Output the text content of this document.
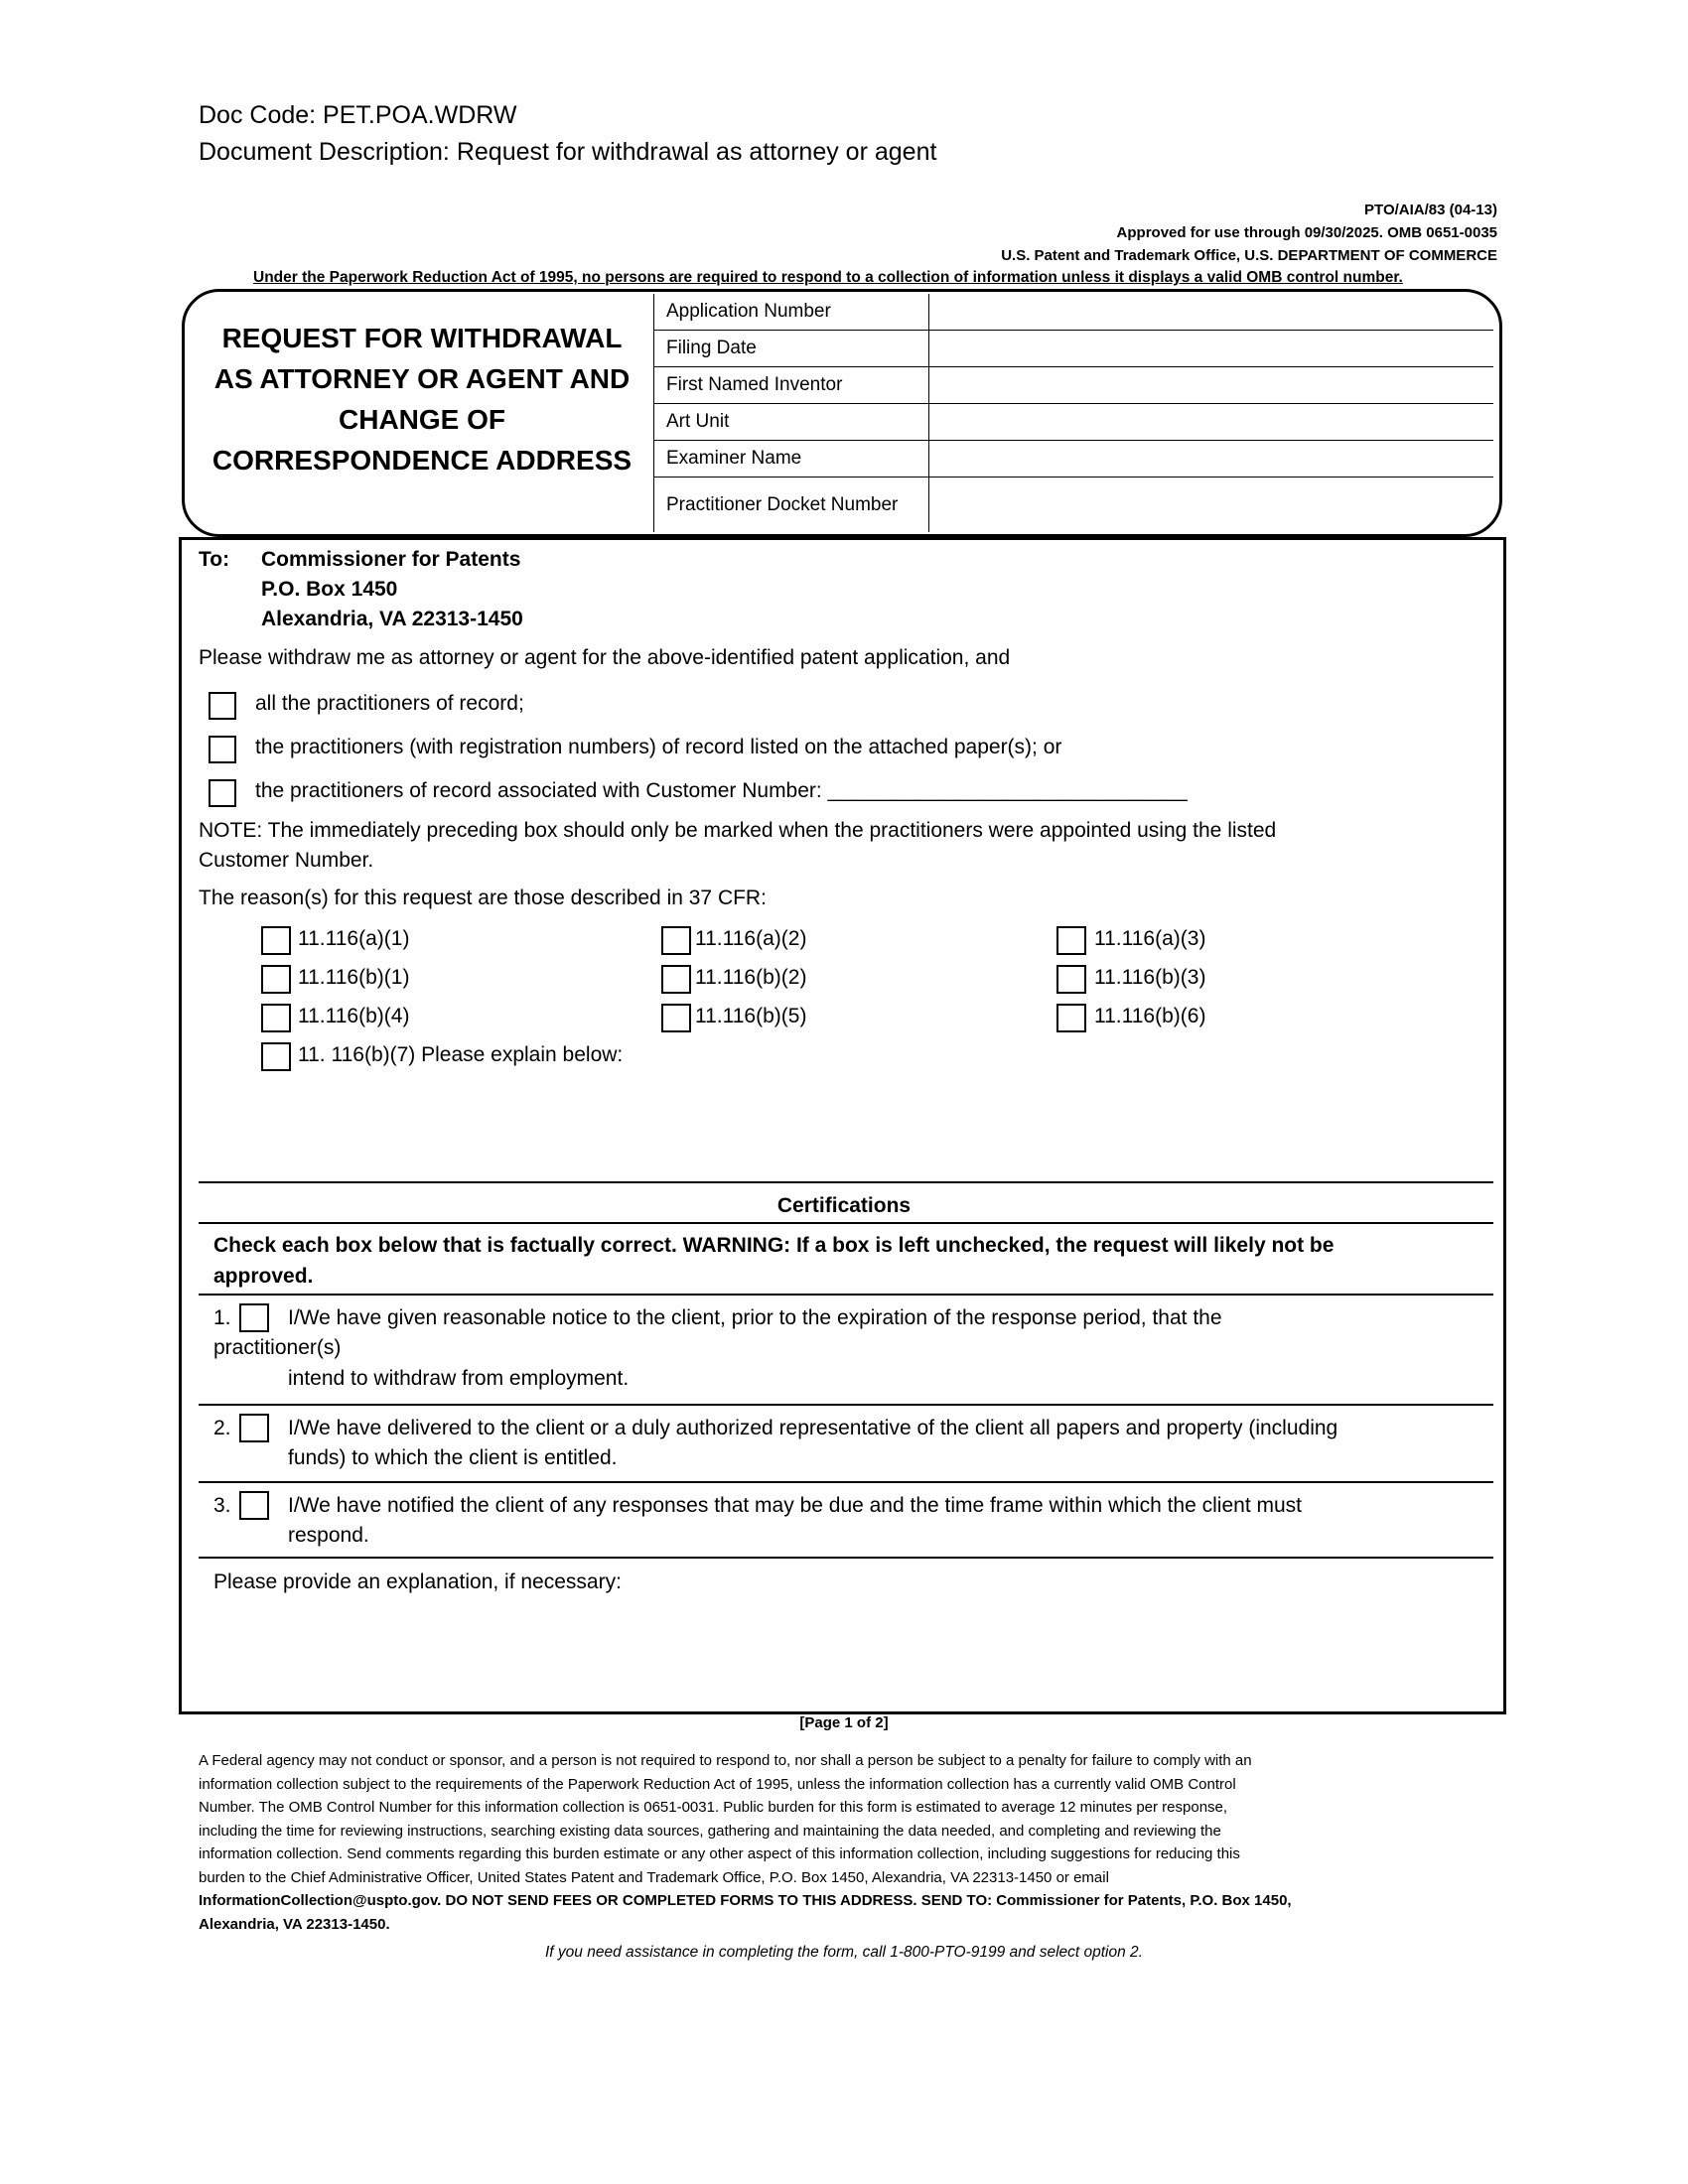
Doc Code: PET.POA.WDRW
Document Description: Request for withdrawal as attorney or agent
PTO/AIA/83 (04-13)
Approved for use through 09/30/2025. OMB 0651-0035
U.S. Patent and Trademark Office, U.S. DEPARTMENT OF COMMERCE
Under the Paperwork Reduction Act of 1995, no persons are required to respond to a collection of information unless it displays a valid OMB control number.
REQUEST FOR WITHDRAWAL
AS ATTORNEY OR AGENT AND
CHANGE OF
CORRESPONDENCE ADDRESS
Application Number	
Filing Date	
First Named Inventor	
Art Unit	
Examiner Name	
Practitioner Docket Number	
To: Commissioner for Patents
P.O. Box 1450
Alexandria, VA 22313-1450
Please withdraw me as attorney or agent for the above-identified patent application, and
all the practitioners of record;
the practitioners (with registration numbers) of record listed on the attached paper(s); or
the practitioners of record associated with Customer Number: _______________________________
NOTE: The immediately preceding box should only be marked when the practitioners were appointed using the listed
Customer Number.
The reason(s) for this request are those described in 37 CFR:
11.116(a)(1)	11.116(a)(2)	11.116(a)(3)
11.116(b)(1)	11.116(b)(2)	11.116(b)(3)
11.116(b)(4)	11.116(b)(5)	11.116(b)(6)
11. 116(b)(7) Please explain below:
Certifications
Check each box below that is factually correct. WARNING: If a box is left unchecked, the request will likely not be
approved.
1.	I/We have given reasonable notice to the client, prior to the expiration of the response period, that the
practitioner(s)
intend to withdraw from employment.
2.	I/We have delivered to the client or a duly authorized representative of the client all papers and property (including
funds) to which the client is entitled.
3.	I/We have notified the client of any responses that may be due and the time frame within which the client must
respond.
Please provide an explanation, if necessary:
[Page 1 of 2]
A Federal agency may not conduct or sponsor, and a person is not required to respond to, nor shall a person be subject to a penalty for failure to comply with an
information collection subject to the requirements of the Paperwork Reduction Act of 1995, unless the information collection has a currently valid OMB Control
Number. The OMB Control Number for this information collection is 0651-0031. Public burden for this form is estimated to average 12 minutes per response,
including the time for reviewing instructions, searching existing data sources, gathering and maintaining the data needed, and completing and reviewing the
information collection. Send comments regarding this burden estimate or any other aspect of this information collection, including suggestions for reducing this
burden to the Chief Administrative Officer, United States Patent and Trademark Office, P.O. Box 1450, Alexandria, VA 22313-1450 or email
InformationCollection@uspto.gov. DO NOT SEND FEES OR COMPLETED FORMS TO THIS ADDRESS. SEND TO: Commissioner for Patents, P.O. Box 1450,
Alexandria, VA 22313-1450.
If you need assistance in completing the form, call 1-800-PTO-9199 and select option 2.
